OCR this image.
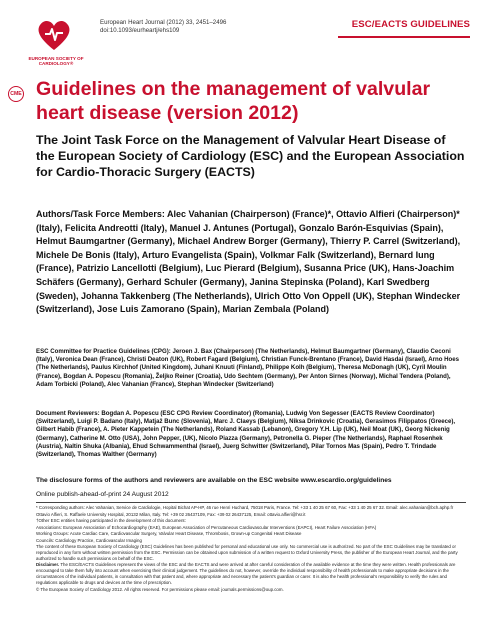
EUROPEAN SOCIETY OF CARDIOLOGY®
European Heart Journal (2012) 33, 2451–2496
doi:10.1093/eurheartj/ehs109
ESC/EACTS GUIDELINES
CME Guidelines on the management of valvular heart disease (version 2012)
The Joint Task Force on the Management of Valvular Heart Disease of the European Society of Cardiology (ESC) and the European Association for Cardio-Thoracic Surgery (EACTS)
Authors/Task Force Members: Alec Vahanian (Chairperson) (France)*, Ottavio Alfieri (Chairperson)* (Italy), Felicita Andreotti (Italy), Manuel J. Antunes (Portugal), Gonzalo Barón-Esquivias (Spain), Helmut Baumgartner (Germany), Michael Andrew Borger (Germany), Thierry P. Carrel (Switzerland), Michele De Bonis (Italy), Arturo Evangelista (Spain), Volkmar Falk (Switzerland), Bernard Iung (France), Patrizio Lancellotti (Belgium), Luc Pierard (Belgium), Susanna Price (UK), Hans-Joachim Schäfers (Germany), Gerhard Schuler (Germany), Janina Stepinska (Poland), Karl Swedberg (Sweden), Johanna Takkenberg (The Netherlands), Ulrich Otto Von Oppell (UK), Stephan Windecker (Switzerland), Jose Luis Zamorano (Spain), Marian Zembala (Poland)
ESC Committee for Practice Guidelines (CPG): Jeroen J. Bax (Chairperson) (The Netherlands), Helmut Baumgartner (Germany), Claudio Ceconi (Italy), Veronica Dean (France), Christi Deaton (UK), Robert Fagard (Belgium), Christian Funck-Brentano (France), David Hasdai (Israel), Arno Hoes (The Netherlands), Paulus Kirchhof (United Kingdom), Juhani Knuuti (Finland), Philippe Kolh (Belgium), Theresa McDonagh (UK), Cyril Moulin (France), Bogdan A. Popescu (Romania), Željko Reiner (Croatia), Udo Sechtem (Germany), Per Anton Sirnes (Norway), Michal Tendera (Poland), Adam Torbicki (Poland), Alec Vahanian (France), Stephan Windecker (Switzerland)
Document Reviewers: Bogdan A. Popescu (ESC CPG Review Coordinator) (Romania), Ludwig Von Segesser (EACTS Review Coordinator) (Switzerland), Luigi P. Badano (Italy), Matjaž Bunc (Slovenia), Marc J. Claeys (Belgium), Niksa Drinkovic (Croatia), Gerasimos Filippatos (Greece), Gilbert Habib (France), A. Pieter Kappetein (The Netherlands), Roland Kassab (Lebanon), Gregory Y.H. Lip (UK), Neil Moat (UK), Georg Nickenig (Germany), Catherine M. Otto (USA), John Pepper, (UK), Nicolo Piazza (Germany), Petronella G. Pieper (The Netherlands), Raphael Rosenhek (Austria), Naltin Shuka (Albania), Ehud Schwammenthal (Israel), Juerg Schwitter (Switzerland), Pilar Tornos Mas (Spain), Pedro T. Trindade (Switzerland), Thomas Walther (Germany)
The disclosure forms of the authors and reviewers are available on the ESC website www.escardio.org/guidelines
Online publish-ahead-of-print 24 August 2012

* Corresponding authors: Alec Vahanian, Service de Cardiologie, Hopital Bichat AP-HP, 46 rue Henri Huchard, 75018 Paris, France. Tel: +33 1 40 25 67 60, Fax: +33 1 40 25 67 32. Email: alec.vahanian@bch.aphp.fr

Ottavio Alfieri, S. Raffaele University Hospital, 20132 Milan, Italy. Tel: +39 02 26437109, Fax: +39 02 26437125, Email: ottavio.alfieri@hsr.it

†Other ESC entities having participated in the development of this document:

Associations: European Association of Echocardiography (EAE), European Association of Percutaneous Cardiovascular Interventions (EAPCI), Heart Failure Association (HFA)

Working Groups: Acute Cardiac Care, Cardiovascular Surgery, Valvular Heart Disease, Thrombosis, Grown-up Congenital Heart Disease

Councils: Cardiology Practice, Cardiovascular Imaging

The content of these European Society of Cardiology (ESC) Guidelines has been published for personal and educational use only. No commercial use is authorized. No part of the ESC Guidelines may be translated or reproduced in any form without written permission from the ESC. Permission can be obtained upon submission of a written request to Oxford University Press, the publisher of the European Heart Journal, and the party authorized to handle such permissions on behalf of the ESC.

Disclaimer. The ESC/EACTS Guidelines represent the views of the ESC and the EACTS and were arrived at after careful consideration of the available evidence at the time they were written. Health professionals are encouraged to take them fully into account when exercising their clinical judgement. The guidelines do not, however, override the individual responsibility of health professionals to make appropriate decisions in the circumstances of the individual patients, in consultation with that patient and, where appropriate and necessary the patient's guardian or carer. It is also the health professional's responsibility to verify the rules and regulations applicable to drugs and devices at the time of prescription.

© The European Society of Cardiology 2012. All rights reserved. For permissions please email: journals.permissions@oup.com.
